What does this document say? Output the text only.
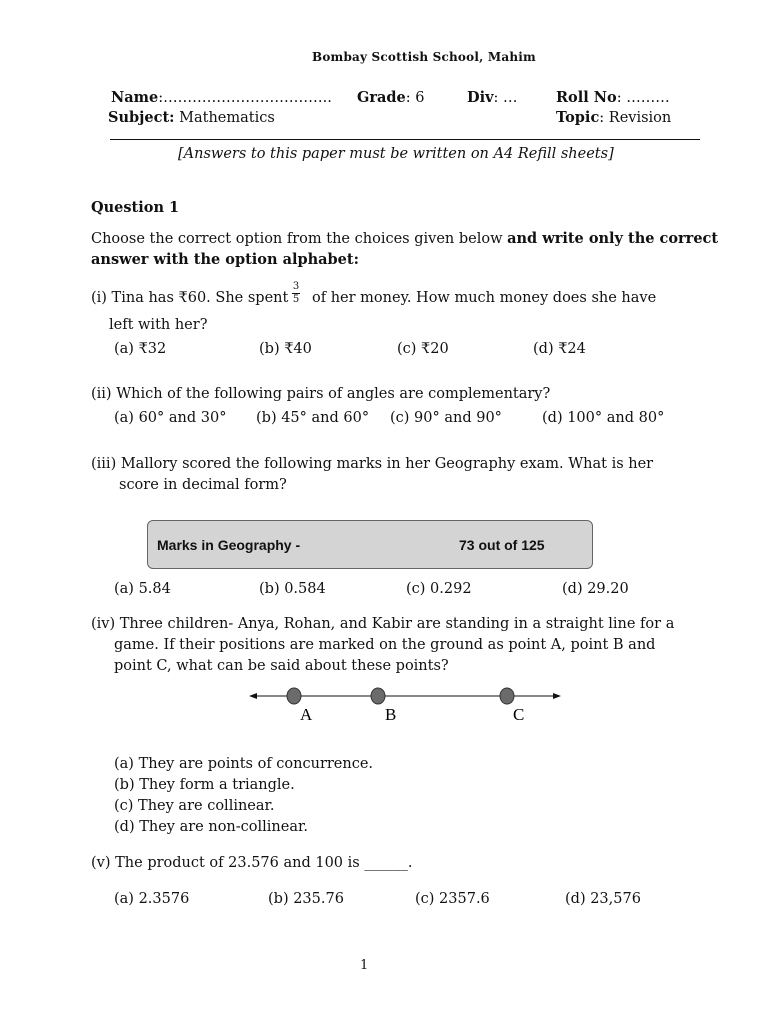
Bombay Scottish School, Mahim
Name:…………………………….. Grade: 6	Div: …	Roll No: ………
Subject: Mathematics	Topic: Revision
[Answers to this paper must be written on A4 Refill sheets]
Question 1
Choose the correct option from the choices given below and write only the correct
answer with the option alphabet:
(i) Tina has ₹60. She spent
3
5 of her money. How much money does she have
left with her?
(a) ₹32	(b) ₹40	(c) ₹20	(d) ₹24
(ii) Which of the following pairs of angles are complementary?
(a) 60° and 30° (b) 45° and 60° (c) 90° and 90°	(d) 100° and 80°
(iii) Mallory scored the following marks in her Geography exam. What is her
score in decimal form?
Marks in Geography -	73 out of 125
(a) 5.84	(b) 0.584	(c) 0.292	(d) 29.20
(iv) Three children- Anya, Rohan, and Kabir are standing in a straight line for a
game. If their positions are marked on the ground as point A, point B and
point C, what can be said about these points?
A	B	C
(a) They are points of concurrence.
(b) They form a triangle.
(c) They are collinear.
(d) They are non-collinear.
(v) The product of 23.576 and 100 is ______.
(a) 2.3576	(b) 235.76	(c) 2357.6	(d) 23,576
1
